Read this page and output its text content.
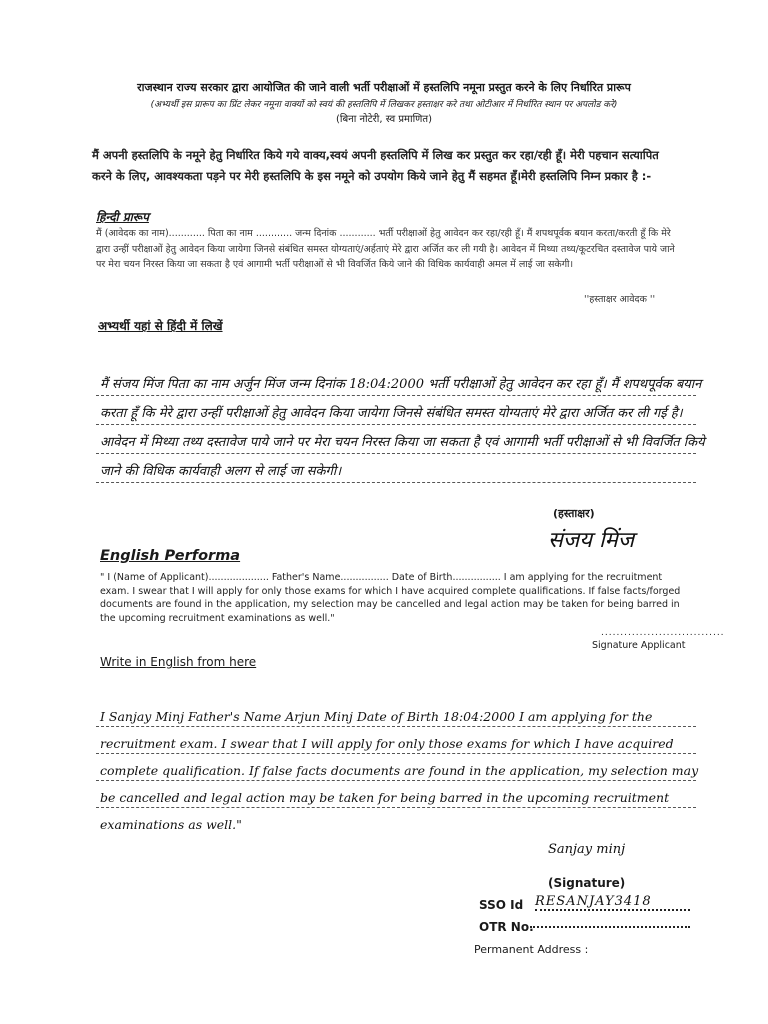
राजस्थान राज्य सरकार द्वारा आयोजित की जाने वाली भर्ती परीक्षाओं में हस्तलिपि नमूना प्रस्तुत करने के लिए निर्धारित प्रारूप
(अभ्यर्थी इस प्रारूप का प्रिंट लेकर नमूना वाक्यों को स्वयं की हस्तलिपि में लिखकर हस्ताक्षर करे तथा ओटीआर में निर्धारित स्थान पर अपलोड करे)
(बिना नोटेरी, स्व प्रमाणित)
मैं अपनी हस्तलिपि के नमूने हेतु निर्धारित किये गये वाक्य,स्वयं अपनी हस्तलिपि में लिख कर प्रस्तुत कर रहा/रही हूँ। मेरी पहचान सत्यापित करने के लिए, आवश्यकता पड़ने पर मेरी हस्तलिपि के इस नमूने को उपयोग किये जाने हेतु मैं सहमत हूँ।मेरी हस्तलिपि निम्न प्रकार है :-
हिन्दी प्रारूप
मैं (आवेदक का नाम)............ पिता का नाम ............ जन्म दिनांक ............ भर्ती परीक्षाओं हेतु आवेदन कर रहा/रही हूँ। मैं शपथपूर्वक बयान करता/करती हूँ कि मेरे द्वारा उन्हीं परीक्षाओं हेतु आवेदन किया जायेगा जिनसे संबंधित समस्त योग्यताएं/अर्हताएं मेरे द्वारा अर्जित कर ली गयी है। आवेदन में मिथ्या तथ्य/कूटरचित दस्तावेज पाये जाने पर मेरा चयन निरस्त किया जा सकता है एवं आगामी भर्ती परीक्षाओं से भी विवर्जित किये जाने की विधिक कार्यवाही अमल में लाई जा सकेगी।
''हस्ताक्षर आवेदक ''
अभ्यर्थी यहां से हिंदी में लिखें
मैं संजय मिंज पिता का नाम अर्जुन मिंज जन्म दिनांक 18:04:2000 भर्ती परीक्षाओं हेतु आवेदन कर रहा हूँ। मैं शपथपूर्वक बयान करता हूँ कि मेरे द्वारा उन्हीं परीक्षाओं हेतु आवेदन किया जायेगा जिनसे संबंधित समस्त योग्यताएं मेरे द्वारा अर्जित कर ली गई है। आवेदन में मिथ्या तथ्य दस्तावेज पाये जाने पर मेरा चयन निरस्त किया जा सकता है एवं आगामी भर्ती परीक्षाओं से भी विवर्जित किये जाने की विधिक कार्यवाही अलग से लाई जा सकेगी।
(हस्ताक्षर)
संजय मिंज
English Performa
" I (Name of Applicant).................... Father's Name................ Date of Birth................ I am applying for the recruitment exam. I swear that I will apply for only those exams for which I have acquired complete qualifications. If false facts/forged documents are found in the application, my selection may be cancelled and legal action may be taken for being barred in the upcoming recruitment examinations as well."
................................
Signature Applicant
Write in English from here
I Sanjay Minj Father's Name Arjun Minj Date of Birth 18:04:2000 I am applying for the recruitment exam. I swear that I will apply for only those exams for which I have acquired complete qualification. If false facts documents are found in the application, my selection may be cancelled and legal action may be taken for being barred in the upcoming recruitment examinations as well."
Sanjay minj
(Signature)
SSO Id RESANJAY3418
OTR No.
Permanent Address :
